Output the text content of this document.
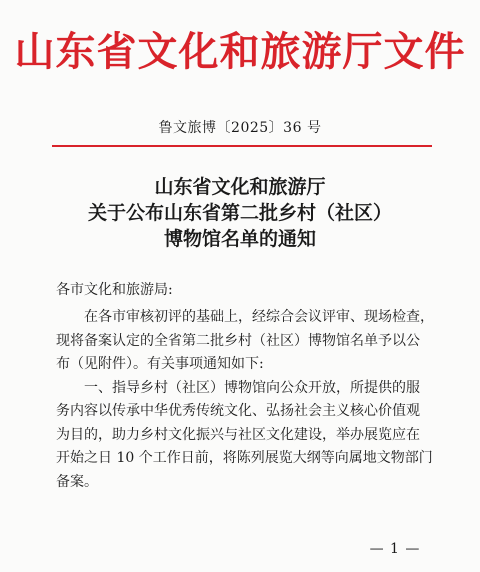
山东省文化和旅游厅文件
鲁文旅博〔2025〕36 号
山东省文化和旅游厅
关于公布山东省第二批乡村（社区）
博物馆名单的通知
各市文化和旅游局:
在各市审核初评的基础上，经综合会议评审、现场检查，
现将备案认定的全省第二批乡村（社区）博物馆名单予以公
布（见附件）。有关事项通知如下:
一、指导乡村（社区）博物馆向公众开放，所提供的服
务内容以传承中华优秀传统文化、弘扬社会主义核心价值观
为目的，助力乡村文化振兴与社区文化建设，举办展览应在
开始之日 10 个工作日前，将陈列展览大纲等向属地文物部门
备案。
— 1 —
